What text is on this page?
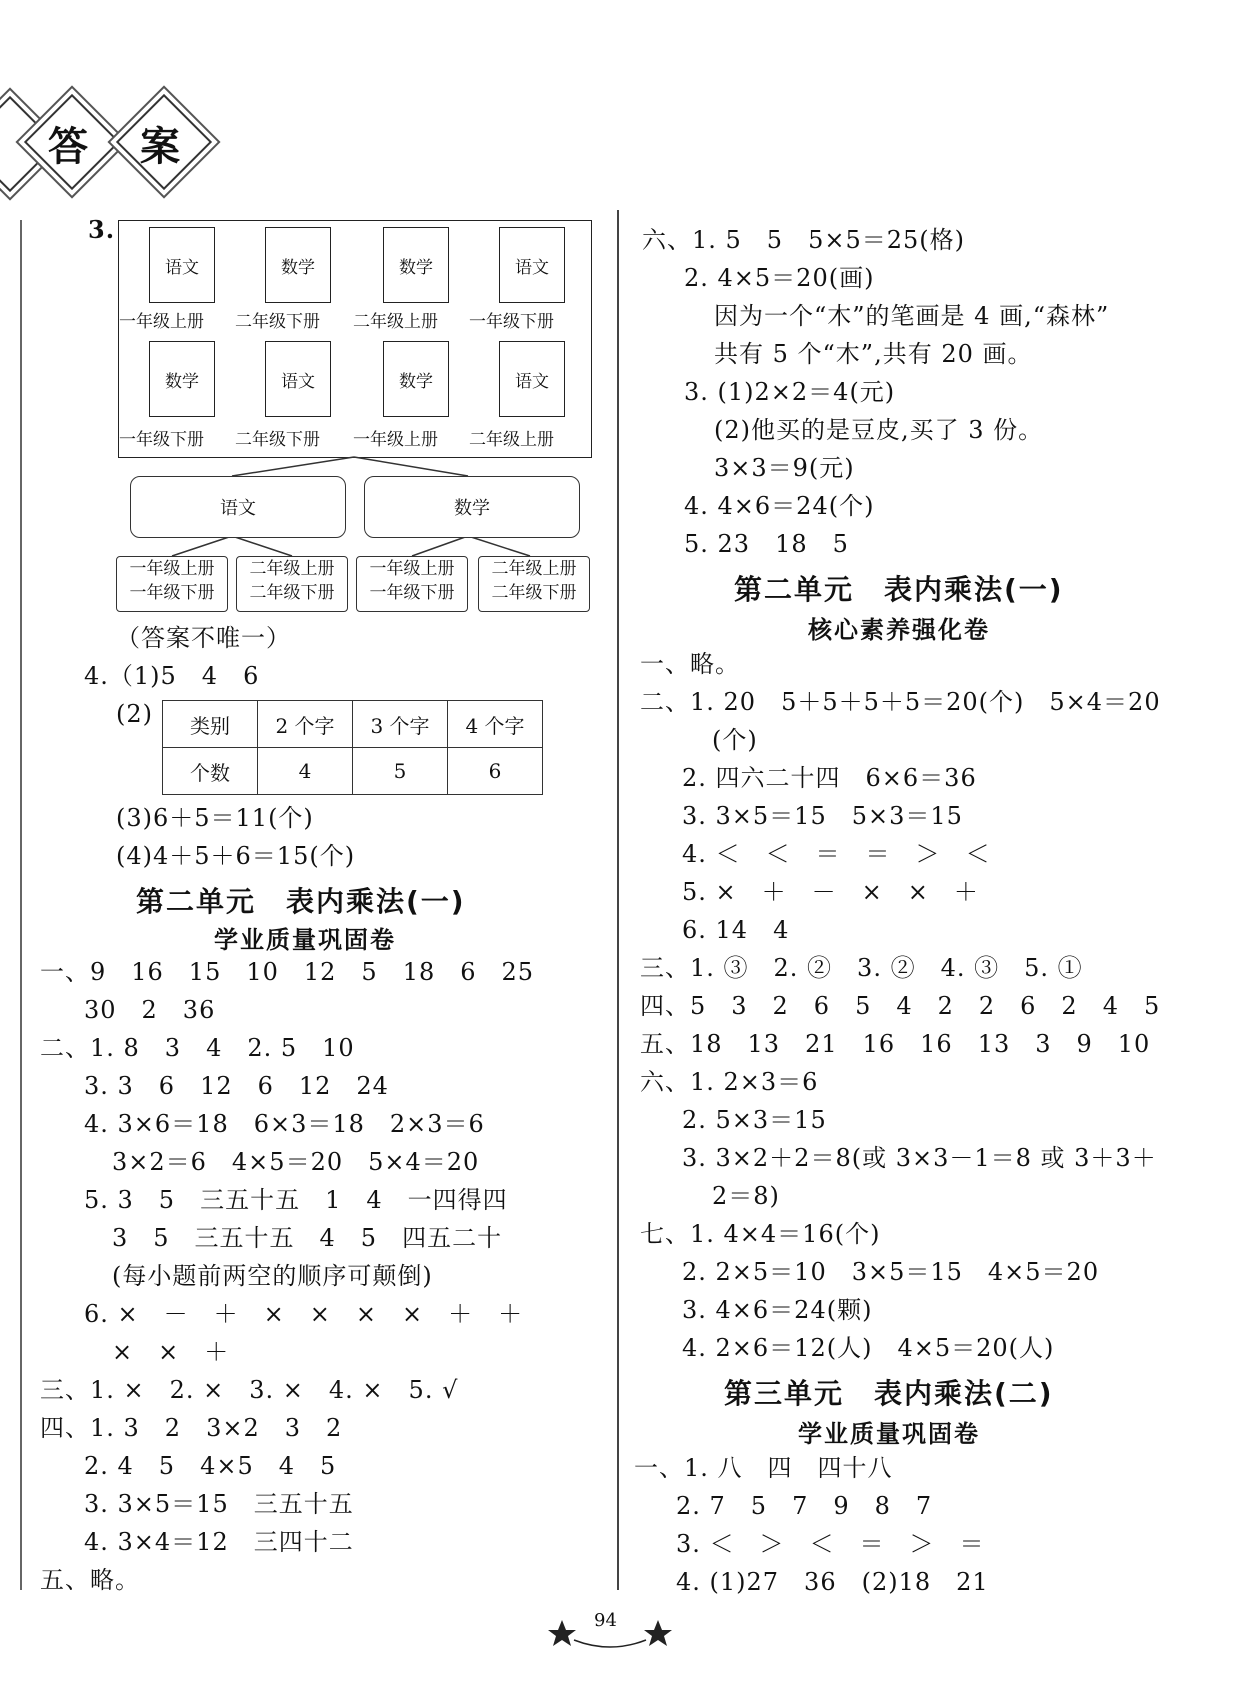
答 案
3.
语文
一年级上册
数学
二年级下册
数学
二年级上册
语文
一年级下册
数学
一年级下册
语文
二年级下册
数学
一年级上册
语文
二年级上册
语文	数学
一年级上册
一年级下册
二年级上册
二年级下册
一年级上册
一年级下册
二年级上册
二年级下册
（答案不唯一）
4.（1)5　4　6
(2) 类别	2 个字	3 个字	4 个字
个数	4	5	6
(3)6＋5＝11(个)
(4)4＋5＋6＝15(个)
第二单元　表内乘法(一)
学业质量巩固卷
一、9　16　15　10　12　5　18　6　25
30　2　36
二、1. 8　3　4　2. 5　10
3. 3　6　12　6　12　24
4. 3×6＝18　6×3＝18　2×3＝6
3×2＝6　4×5＝20　5×4＝20
5. 3　5　三五十五　1　4　一四得四
3　5　三五十五　4　5　四五二十
(每小题前两空的顺序可颠倒)
6. ×　－　＋　×　×　×　×　＋　＋
×　×　＋
三、1. ×　2. ×　3. ×　4. ×　5. √
四、1. 3　2　3×2　3　2
2. 4　5　4×5　4　5
3. 3×5＝15　三五十五
4. 3×4＝12　三四十二
五、略。
六、1. 5　5　5×5＝25(格)
2. 4×5＝20(画)
因为一个“木”的笔画是 4 画,“森林”
共有 5 个“木”,共有 20 画。
3. (1)2×2＝4(元)
(2)他买的是豆皮,买了 3 份。
3×3＝9(元)
4. 4×6＝24(个)
5. 23　18　5
第二单元　表内乘法(一)
核心素养强化卷
一、略。
二、1. 20　5＋5＋5＋5＝20(个)　5×4＝20
(个)
2. 四六二十四　6×6＝36
3. 3×5＝15　5×3＝15
4. ＜　＜　＝　＝　＞　＜
5. ×　＋　－　×　×　＋
6. 14　4
三、1. ③　2. ②　3. ②　4. ③　5. ①
四、5　3　2　6　5　4　2　2　6　2　4　5
五、18　13　21　16　16　13　3　9　10
六、1. 2×3＝6
2. 5×3＝15
3. 3×2＋2＝8(或 3×3－1＝8 或 3＋3＋
2＝8)
七、1. 4×4＝16(个)
2. 2×5＝10　3×5＝15　4×5＝20
3. 4×6＝24(颗)
4. 2×6＝12(人)　4×5＝20(人)
第三单元　表内乘法(二)
学业质量巩固卷
一、1. 八　四　四十八
2. 7　5　7　9　8　7
3. ＜　＞　＜　＝　＞　＝
4. (1)27　36　(2)18　21
94
